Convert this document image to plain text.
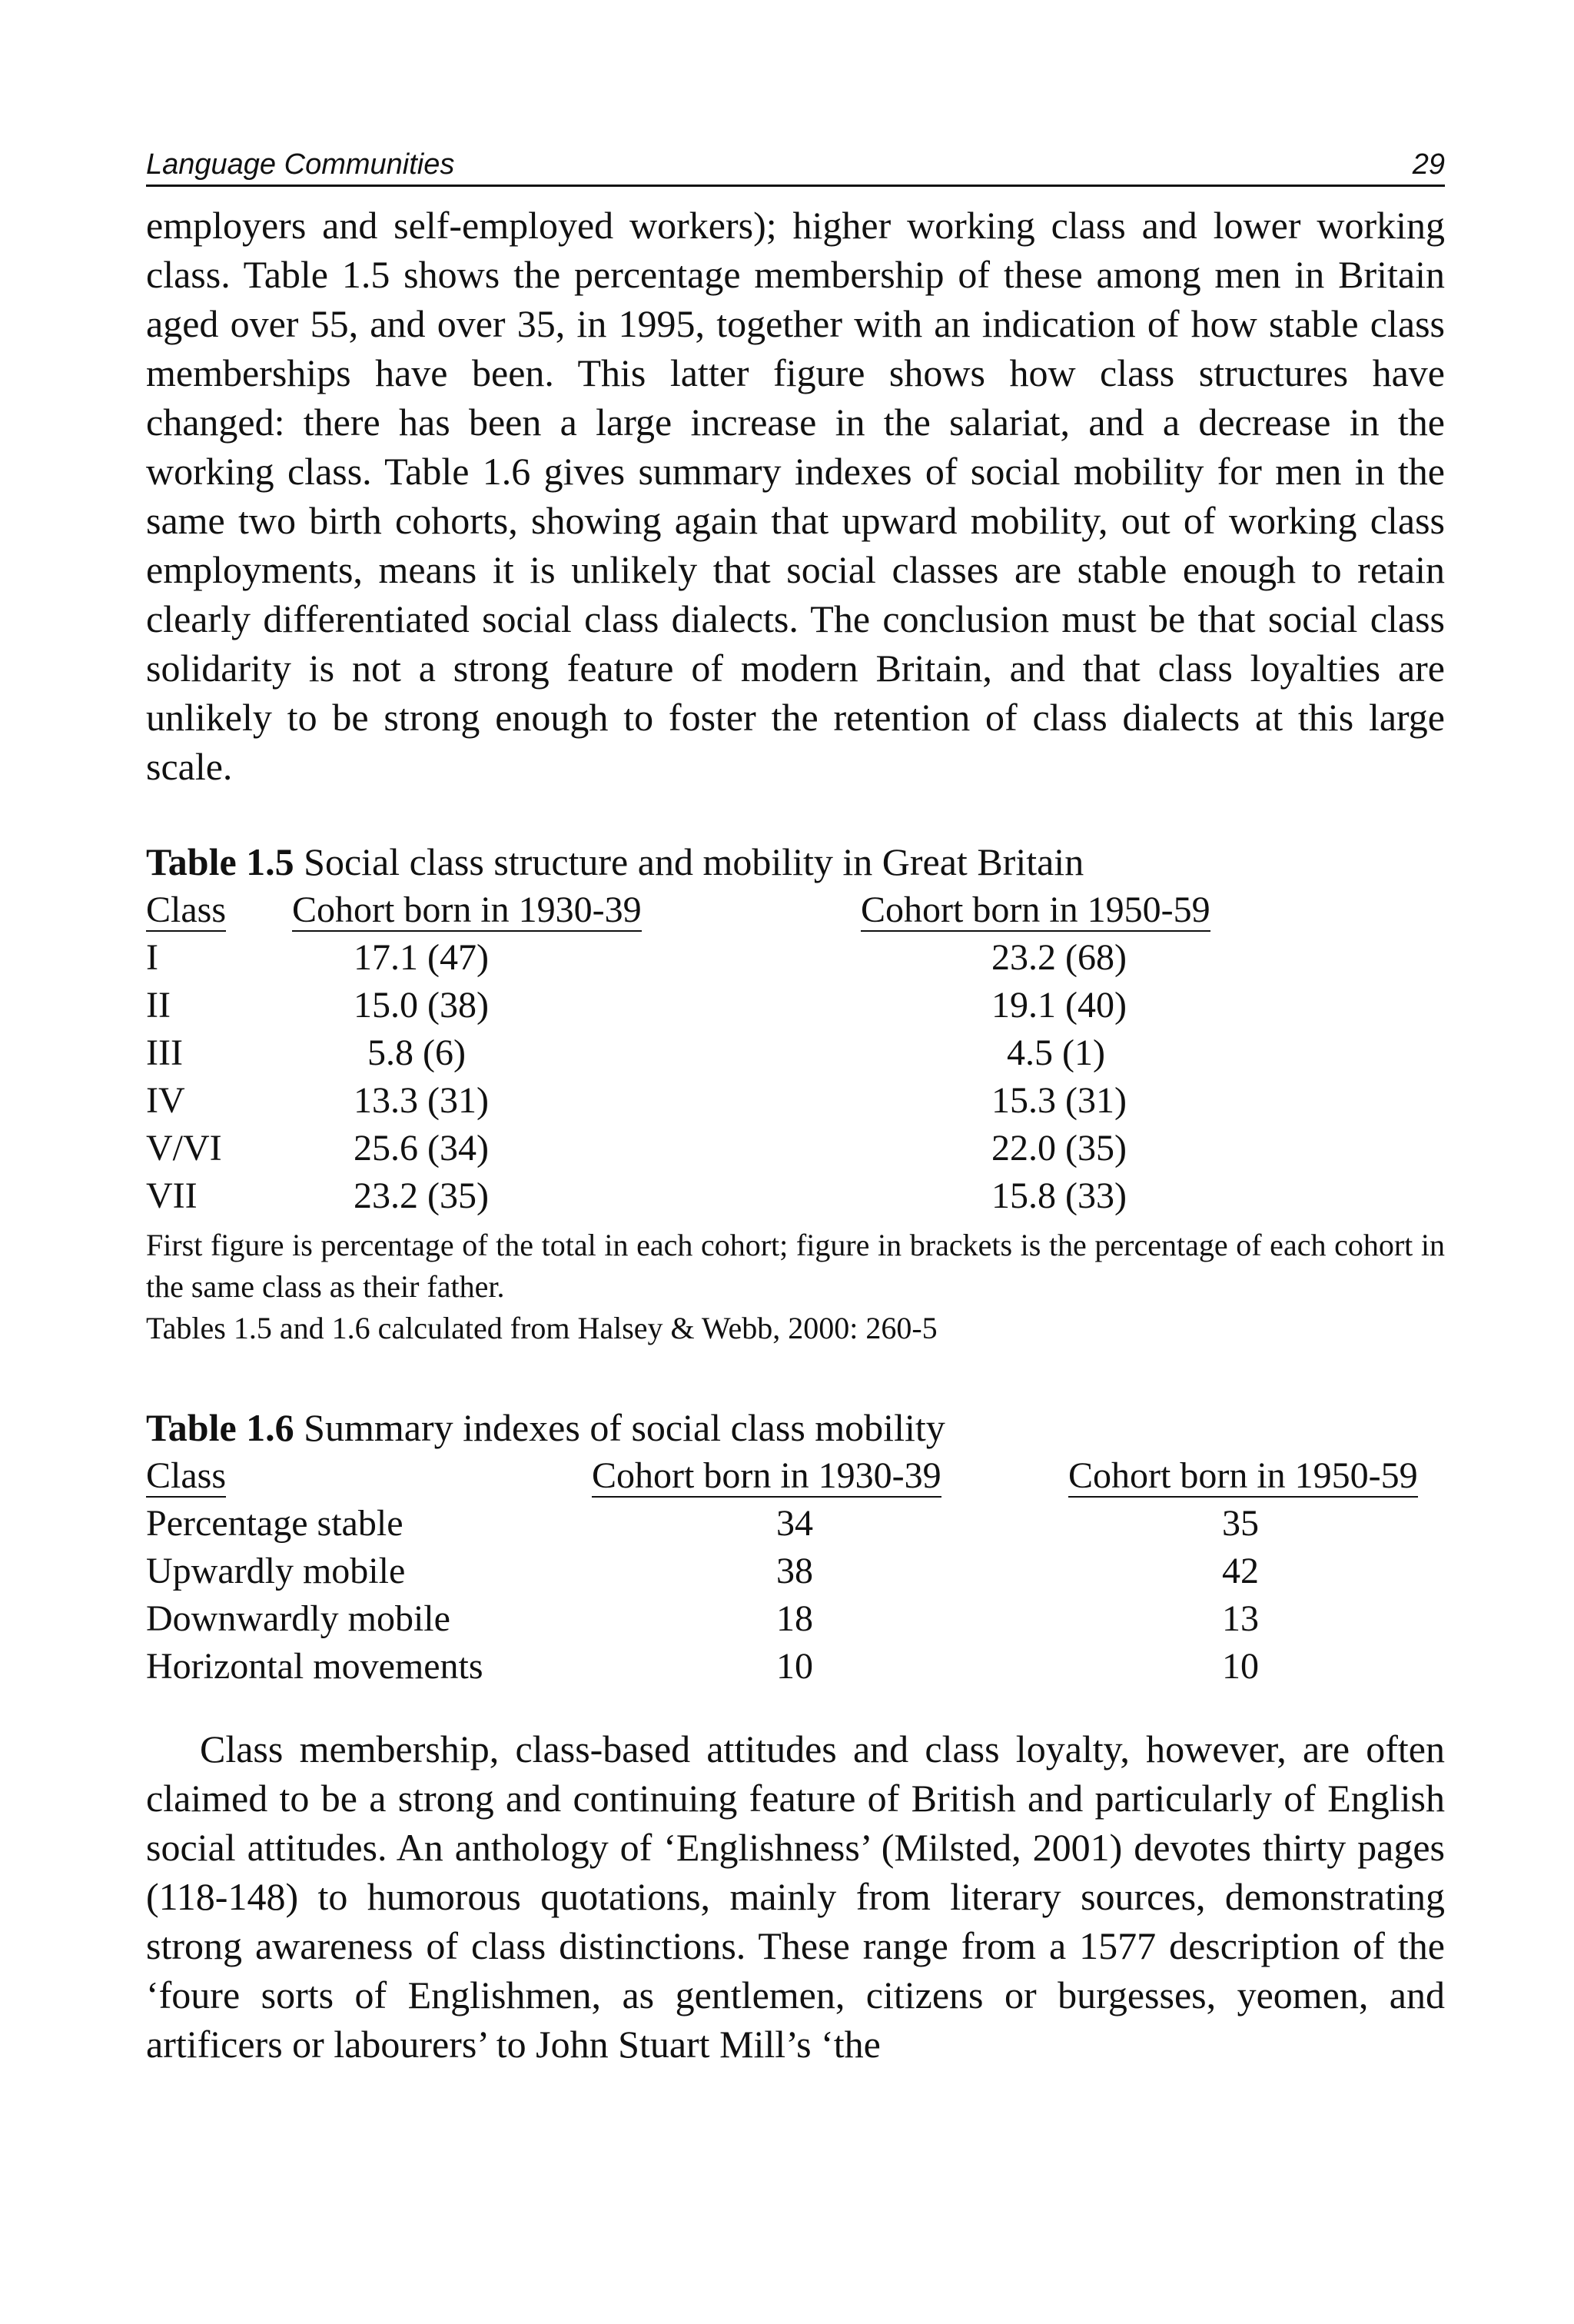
Language Communities	29

employers and self-employed workers); higher working class and lower working class. Table 1.5 shows the percentage membership of these among men in Britain aged over 55, and over 35, in 1995, together with an indication of how stable class memberships have been. This latter figure shows how class structures have changed: there has been a large increase in the salariat, and a decrease in the working class. Table 1.6 gives summary indexes of social mobility for men in the same two birth cohorts, showing again that upward mobility, out of working class employments, means it is unlikely that social classes are stable enough to retain clearly differentiated social class dialects. The conclusion must be that social class solidarity is not a strong feature of modern Britain, and that class loyalties are unlikely to be strong enough to foster the retention of class dialects at this large scale.

Table 1.5 Social class structure and mobility in Great Britain
Class	Cohort born in 1930-39	Cohort born in 1950-59
I	17.1 (47)	23.2 (68)
II	15.0 (38)	19.1 (40)
III	5.8 (6)	4.5 (1)
IV	13.3 (31)	15.3 (31)
V/VI	25.6 (34)	22.0 (35)
VII	23.2 (35)	15.8 (33)

First figure is percentage of the total in each cohort; figure in brackets is the percentage of each cohort in the same class as their father.

Tables 1.5 and 1.6 calculated from Halsey & Webb, 2000: 260-5

Table 1.6 Summary indexes of social class mobility
Class	Cohort born in 1930-39	Cohort born in 1950-59
Percentage stable	34	35
Upwardly mobile	38	42
Downwardly mobile	18	13
Horizontal movements	10	10

Class membership, class-based attitudes and class loyalty, however, are often claimed to be a strong and continuing feature of British and particularly of English social attitudes. An anthology of ‘Englishness’ (Milsted, 2001) devotes thirty pages (118-148) to humorous quotations, mainly from literary sources, demonstrating strong awareness of class distinctions. These range from a 1577 description of the ‘foure sorts of Englishmen, as gentlemen, citizens or burgesses, yeomen, and artificers or labourers’ to John Stuart Mill’s ‘the
